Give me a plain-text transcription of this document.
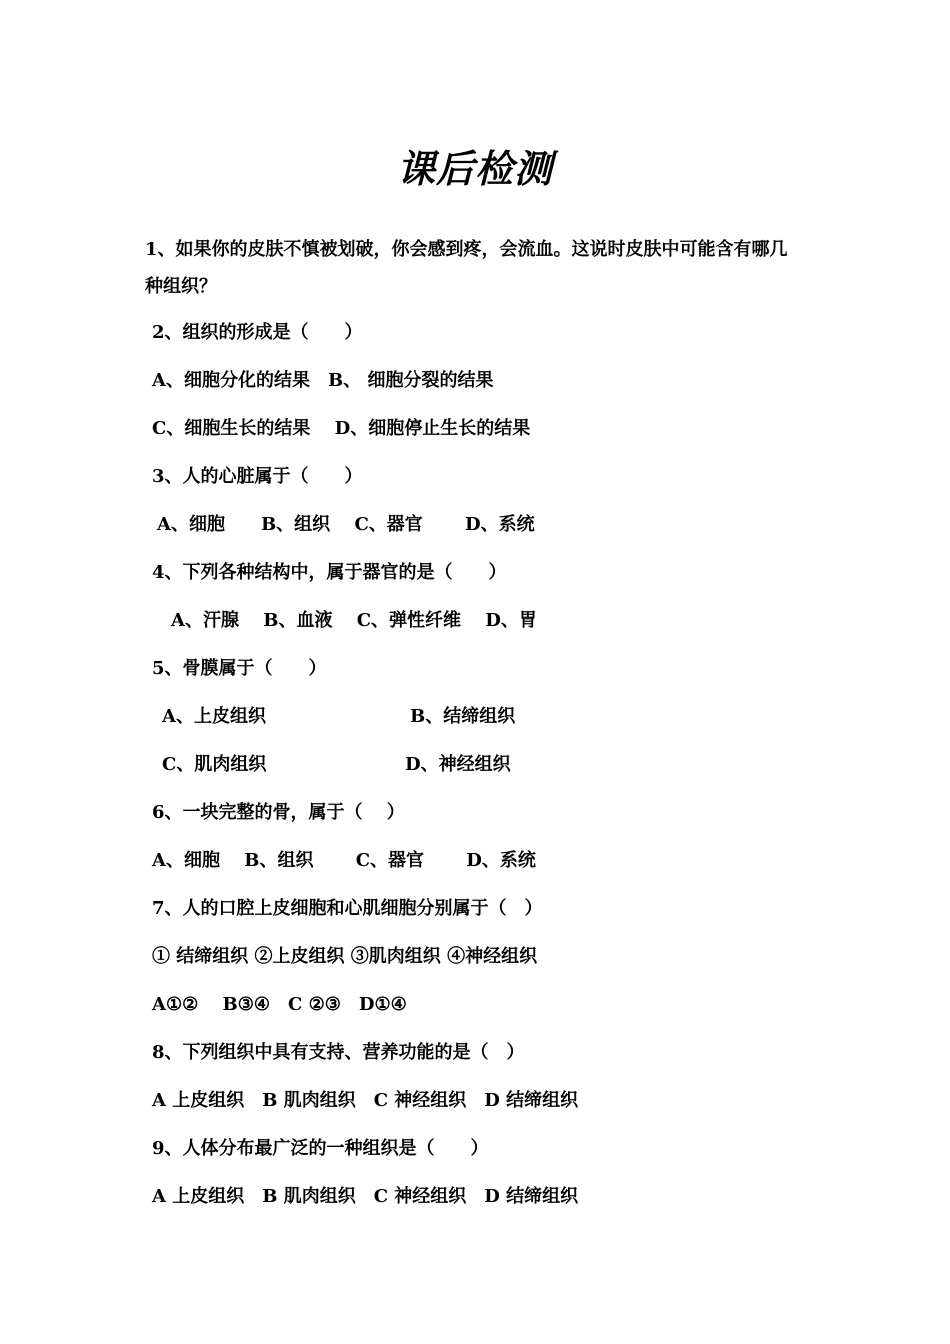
课后检测
1、如果你的皮肤不慎被划破，你会感到疼，会流血。这说时皮肤中可能含有哪几
种组织？
2、组织的形成是（　　）
A、细胞分化的结果　B、 细胞分裂的结果
C、细胞生长的结果　 D、细胞停止生长的结果
3、人的心脏属于（　　）
A、细胞　　B、组织　 C、器官　　 D、系统
4、下列各种结构中，属于器官的是（　　）
A、汗腺　 B、血液　 C、弹性纤维　 D、胃
5、骨膜属于（　　）
A、上皮组织	B、结缔组织
C、肌肉组织	D、神经组织
6、一块完整的骨，属于（　 ）
A、细胞　 B、组织　　 C、器官　　 D、系统
7、人的口腔上皮细胞和心肌细胞分别属于（　）
① 结缔组织 ②上皮组织 ③肌肉组织 ④神经组织
A①②　 B③④　C ②③　D①④
8、下列组织中具有支持、营养功能的是（　）
A 上皮组织　B 肌肉组织　C 神经组织　D 结缔组织
9、人体分布最广泛的一种组织是（　　）
A 上皮组织　B 肌肉组织　C 神经组织　D 结缔组织
